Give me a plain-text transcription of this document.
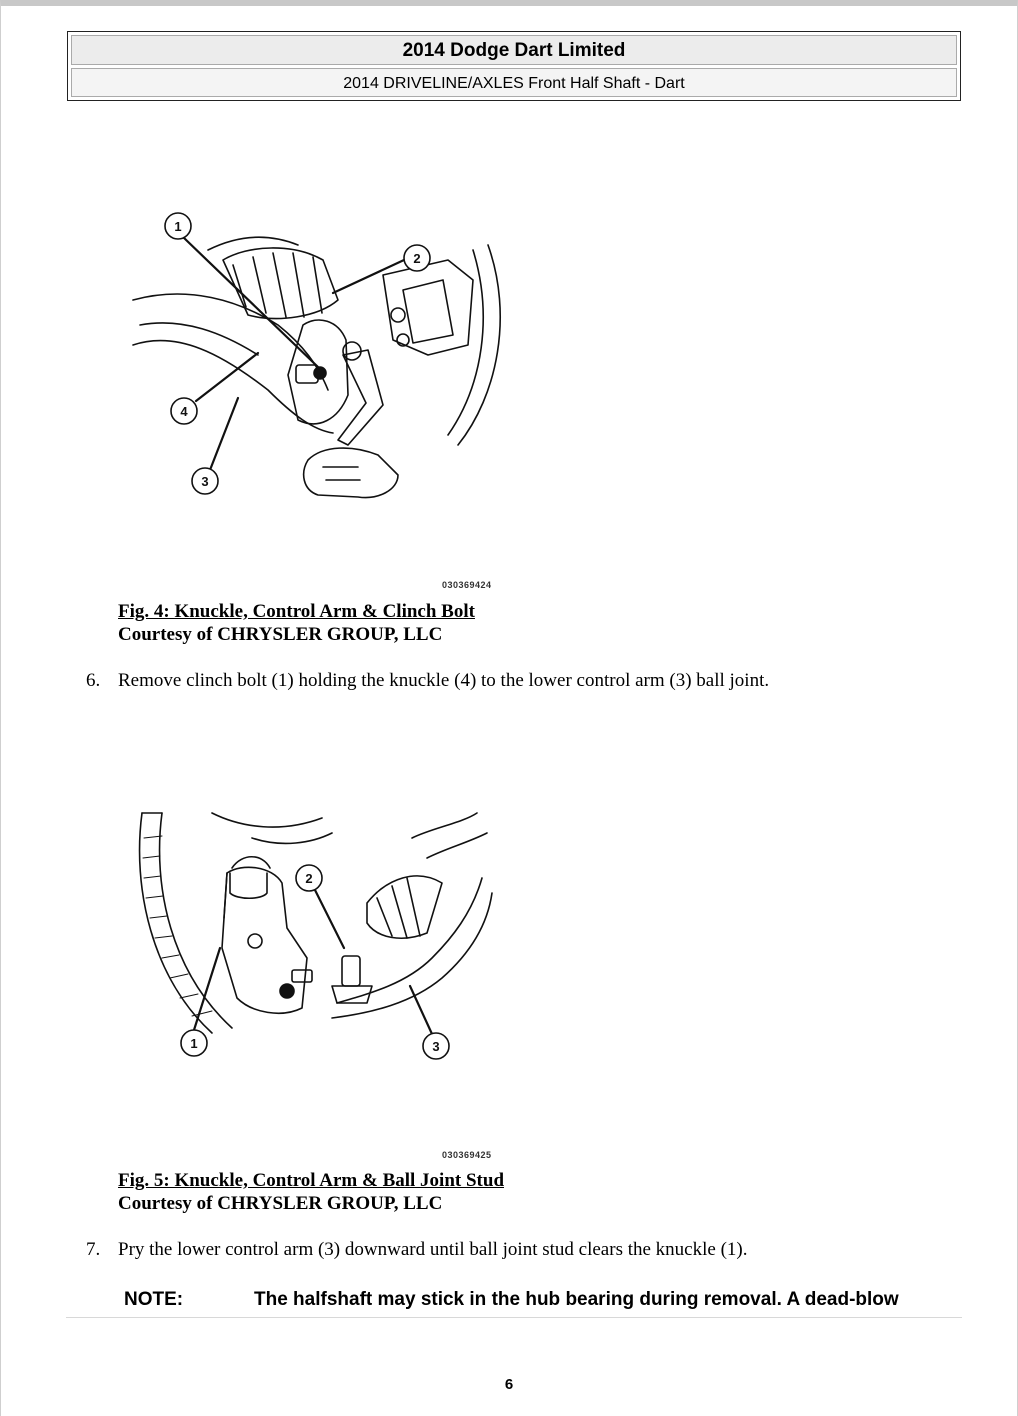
2014 Dodge Dart Limited
2014 DRIVELINE/AXLES Front Half Shaft - Dart
1
2
4
3
030369424
Fig. 4: Knuckle, Control Arm & Clinch Bolt
Courtesy of CHRYSLER GROUP, LLC
6. Remove clinch bolt (1) holding the knuckle (4) to the lower control arm (3) ball joint.
2
1	3
030369425
Fig. 5: Knuckle, Control Arm & Ball Joint Stud
Courtesy of CHRYSLER GROUP, LLC
7. Pry the lower control arm (3) downward until ball joint stud clears the knuckle (1).
NOTE:	The halfshaft may stick in the hub bearing during removal. A dead-blow
6
